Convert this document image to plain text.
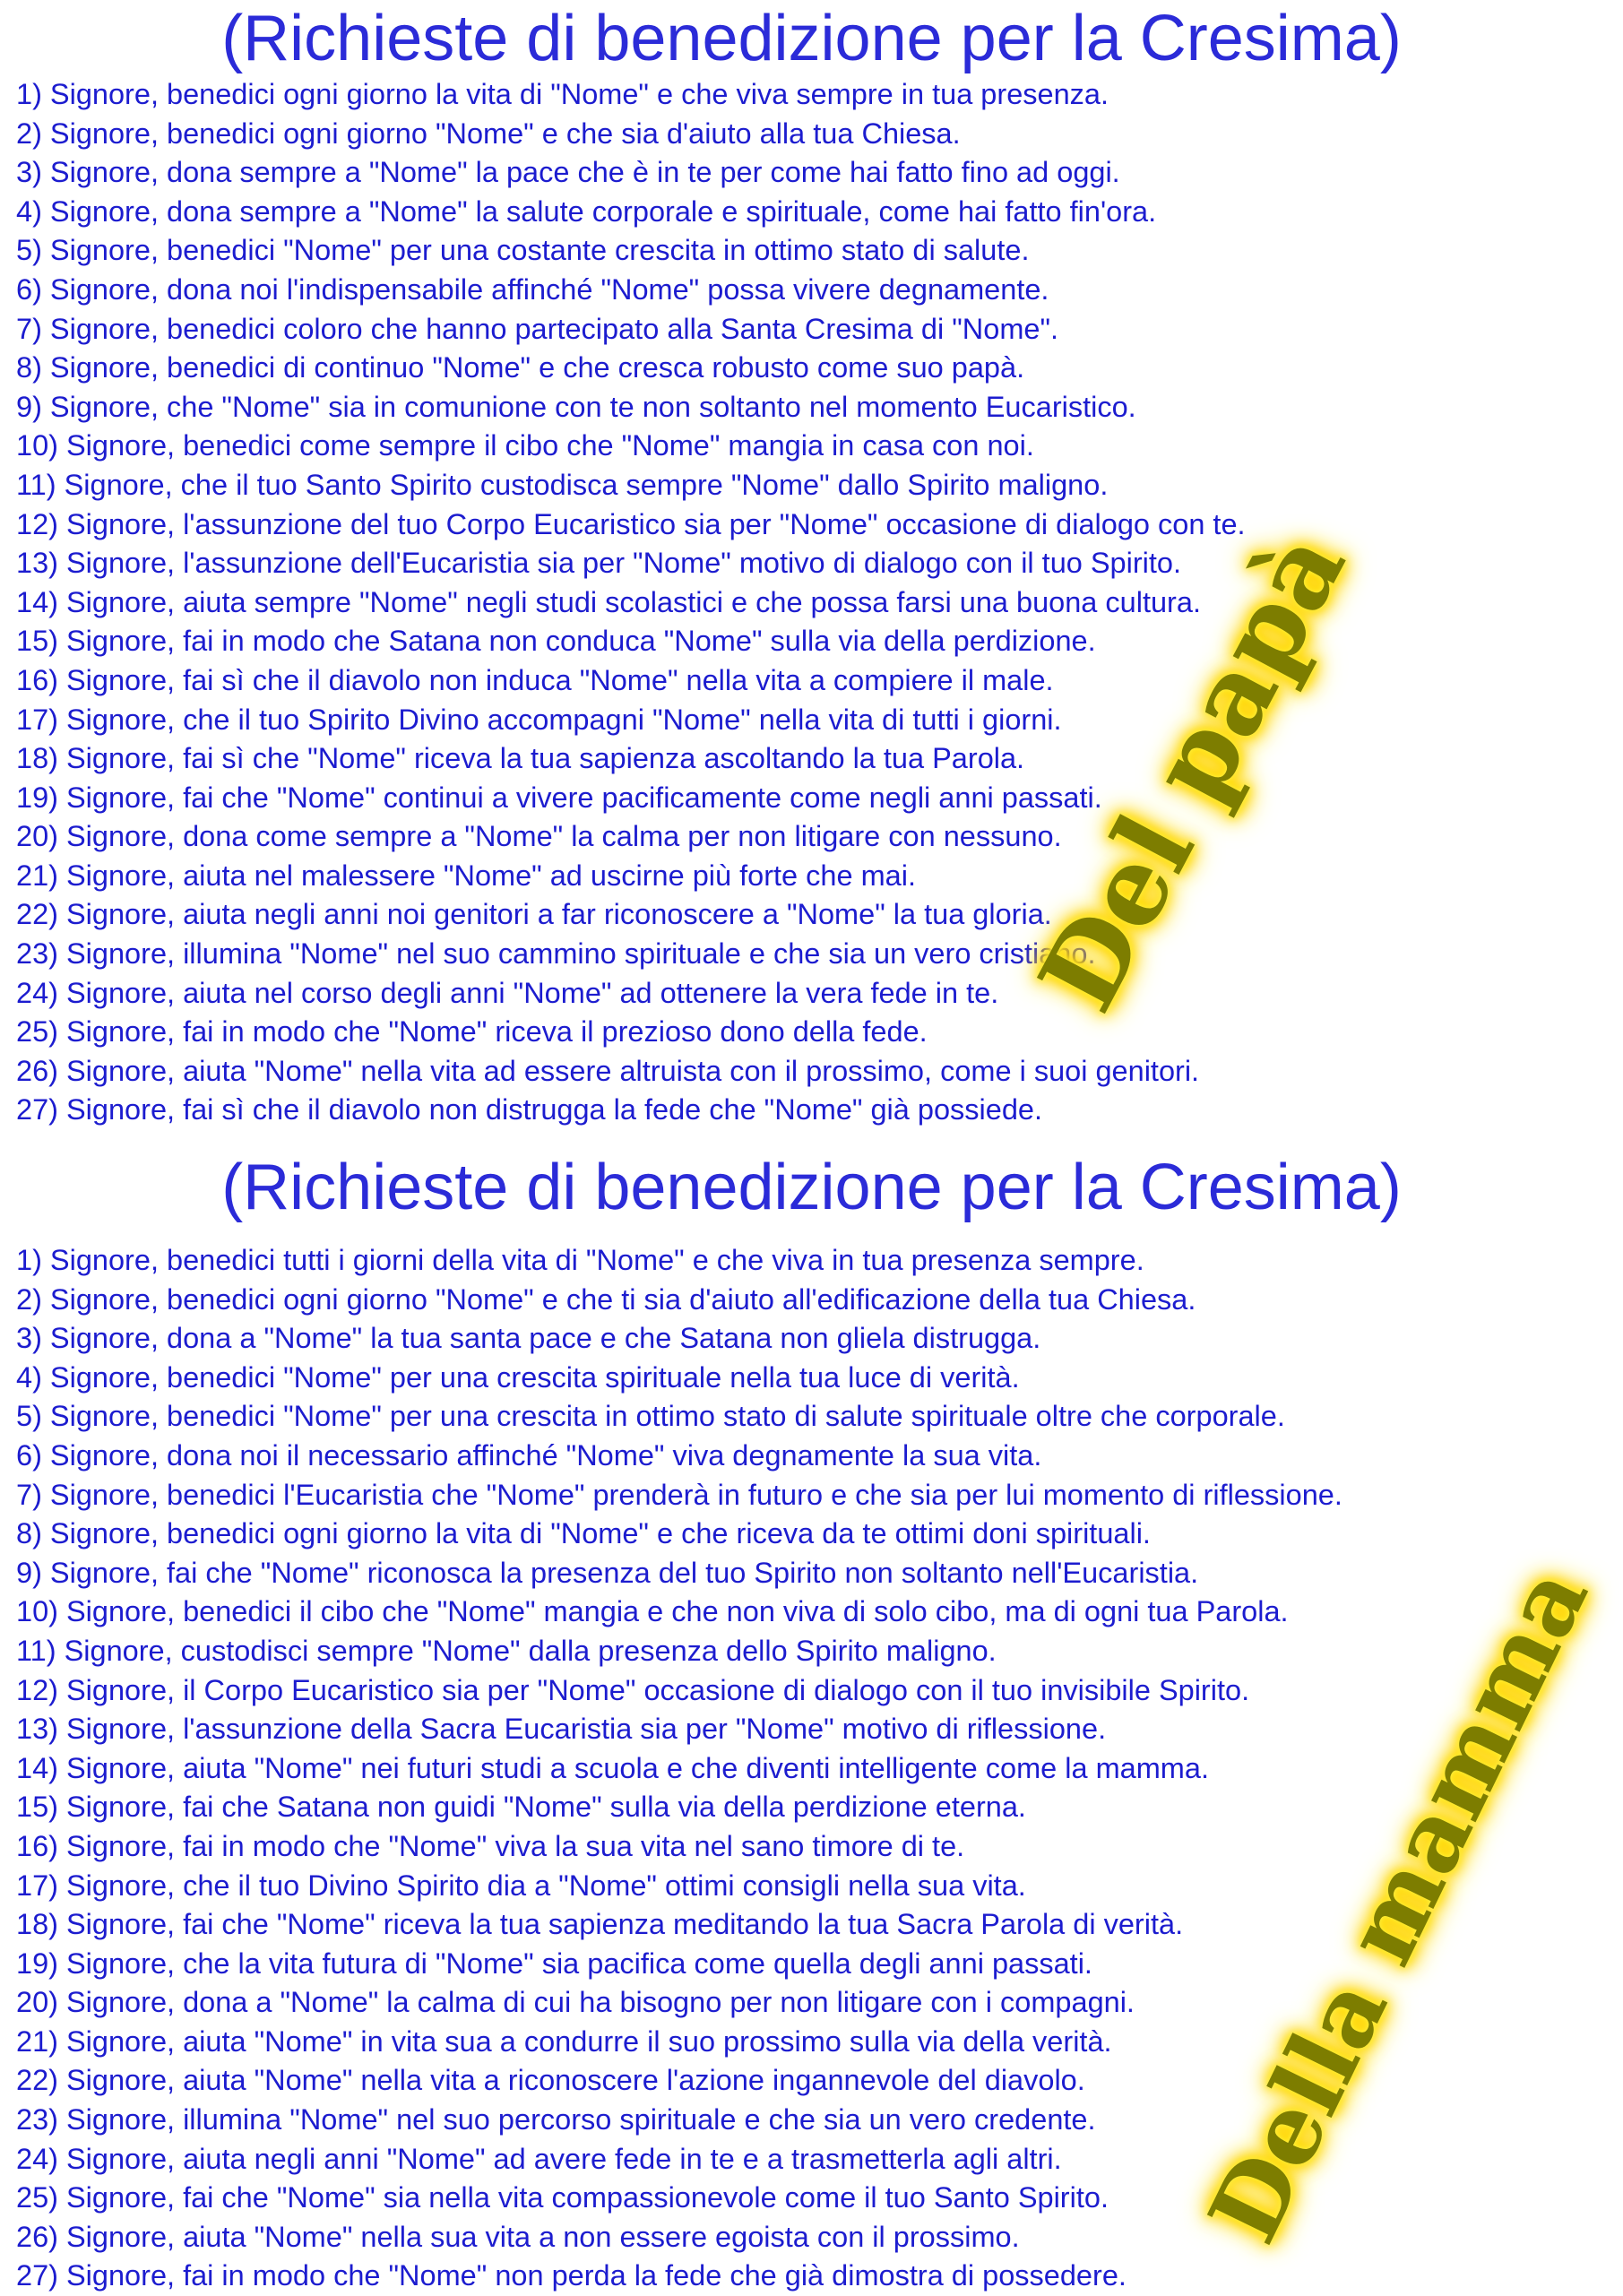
(Richieste di benedizione per la Cresima)
1) Signore, benedici ogni giorno la vita di "Nome" e che viva sempre in tua presenza.
2) Signore, benedici ogni giorno "Nome" e che sia d'aiuto alla tua Chiesa.
3) Signore, dona sempre a "Nome" la pace che è in te per come hai fatto fino ad oggi.
4) Signore, dona sempre a "Nome" la salute corporale e spirituale, come hai fatto fin'ora.
5) Signore, benedici "Nome" per una costante crescita in ottimo stato di salute.
6) Signore, dona noi l'indispensabile affinché "Nome" possa vivere degnamente.
7) Signore, benedici coloro che hanno partecipato alla Santa Cresima di "Nome".
8) Signore, benedici di continuo "Nome" e che cresca robusto come suo papà.
9) Signore, che "Nome" sia in comunione con te non soltanto nel momento Eucaristico.
10) Signore, benedici come sempre il cibo che "Nome" mangia in casa con noi.
11) Signore, che il tuo Santo Spirito custodisca sempre "Nome" dallo Spirito maligno.
12) Signore, l'assunzione del tuo Corpo Eucaristico sia per "Nome" occasione di dialogo con te.
13) Signore, l'assunzione dell'Eucaristia sia per "Nome" motivo di dialogo con il tuo Spirito.
14) Signore, aiuta sempre "Nome" negli studi scolastici e che possa farsi una buona cultura.
15) Signore, fai in modo che Satana non conduca "Nome" sulla via della perdizione.
16) Signore, fai sì che il diavolo non induca "Nome" nella vita a compiere il male.
17) Signore, che il tuo Spirito Divino accompagni "Nome" nella vita di tutti i giorni.
18) Signore, fai sì che "Nome" riceva la tua sapienza ascoltando la tua Parola.
19) Signore, fai che "Nome" continui a vivere pacificamente come negli anni passati.
20) Signore, dona come sempre a "Nome" la calma per non litigare con nessuno.
21) Signore, aiuta nel malessere "Nome" ad uscirne più forte che mai.
22) Signore, aiuta negli anni noi genitori a far riconoscere a "Nome" la tua gloria.
23) Signore, illumina "Nome" nel suo cammino spirituale e che sia un vero cristiano.
24) Signore, aiuta nel corso degli anni "Nome" ad ottenere la vera fede in te.
25) Signore, fai in modo che "Nome" riceva il prezioso dono della fede.
26) Signore, aiuta "Nome" nella vita ad essere altruista con il prossimo, come i suoi genitori.
27) Signore, fai sì che il diavolo non distrugga la fede che "Nome" già possiede.
(Richieste di benedizione per la Cresima)
1) Signore, benedici tutti i giorni della vita di "Nome" e che viva in tua presenza sempre.
2) Signore, benedici ogni giorno "Nome" e che ti sia d'aiuto all'edificazione della tua Chiesa.
3) Signore, dona a "Nome" la tua santa pace e che Satana non gliela distrugga.
4) Signore, benedici "Nome" per una crescita spirituale nella tua luce di verità.
5) Signore, benedici "Nome" per una crescita in ottimo stato di salute spirituale oltre che corporale.
6) Signore, dona noi il necessario affinché "Nome" viva degnamente la sua vita.
7) Signore, benedici l'Eucaristia che "Nome" prenderà in futuro e che sia per lui momento di riflessione.
8) Signore, benedici ogni giorno la vita di "Nome" e che riceva da te ottimi doni spirituali.
9) Signore, fai che "Nome" riconosca la presenza del tuo Spirito non soltanto nell'Eucaristia.
10) Signore, benedici il cibo che "Nome" mangia e che non viva di solo cibo, ma di ogni tua Parola.
11) Signore, custodisci sempre "Nome" dalla presenza dello Spirito maligno.
12) Signore, il Corpo Eucaristico sia per "Nome" occasione di dialogo con il tuo invisibile Spirito.
13) Signore, l'assunzione della Sacra Eucaristia sia per "Nome" motivo di riflessione.
14) Signore, aiuta "Nome" nei futuri studi a scuola e che diventi intelligente come la mamma.
15) Signore, fai che Satana non guidi "Nome" sulla via della perdizione eterna.
16) Signore, fai in modo che "Nome" viva la sua vita nel sano timore di te.
17) Signore, che il tuo Divino Spirito dia a "Nome" ottimi consigli nella sua vita.
18) Signore, fai che "Nome" riceva la tua sapienza meditando la tua Sacra Parola di verità.
19) Signore, che la vita futura di "Nome" sia pacifica come quella degli anni passati.
20) Signore, dona a "Nome" la calma di cui ha bisogno per non litigare con i compagni.
21) Signore, aiuta "Nome" in vita sua a condurre il suo prossimo sulla via della verità.
22) Signore, aiuta "Nome" nella vita a riconoscere l'azione ingannevole del diavolo.
23) Signore, illumina "Nome" nel suo percorso spirituale e che sia un vero credente.
24) Signore, aiuta negli anni "Nome" ad avere fede in te e a trasmetterla agli altri.
25) Signore, fai che "Nome" sia nella vita compassionevole come il tuo Santo Spirito.
26) Signore, aiuta "Nome" nella sua vita a non essere egoista con il prossimo.
27) Signore, fai in modo che "Nome" non perda la fede che già dimostra di possedere.
Del papà
Della mamma
